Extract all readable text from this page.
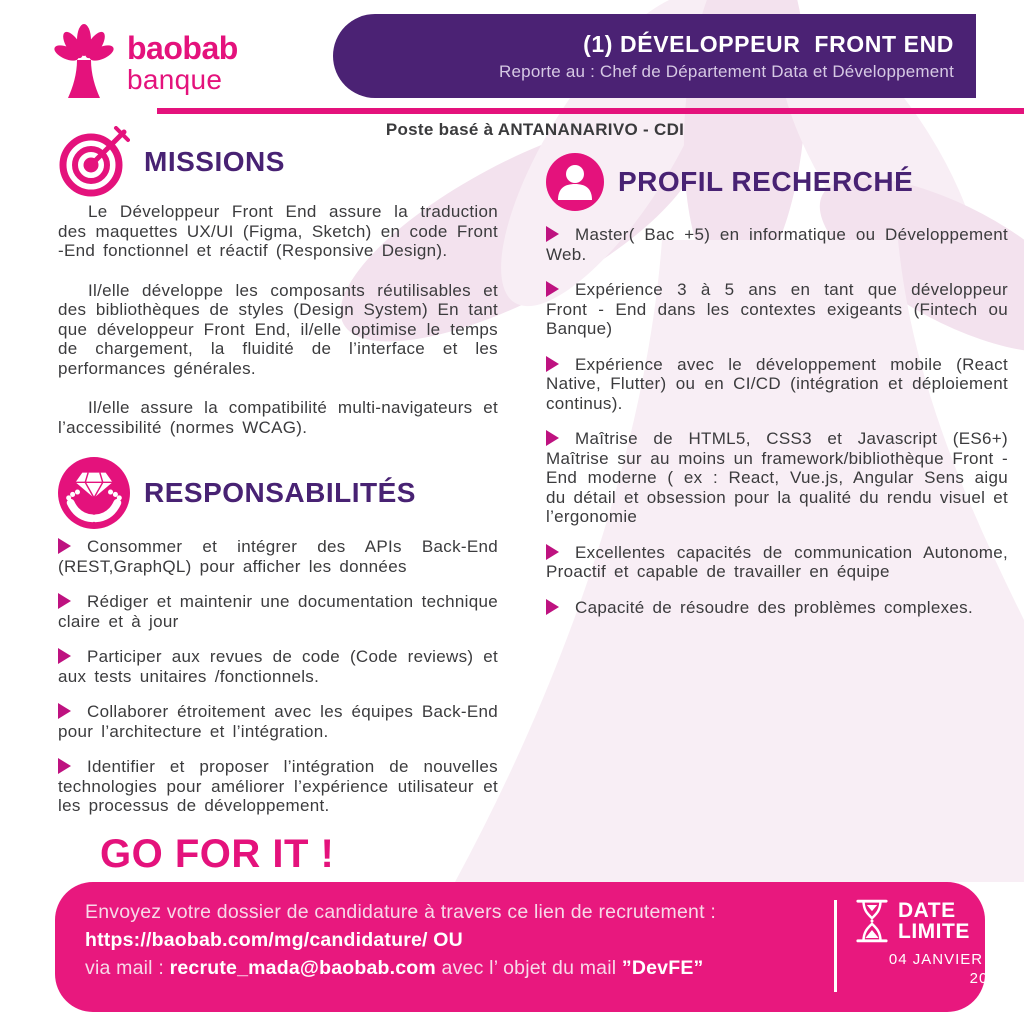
baobab
banque
(1) DÉVELOPPEUR  FRONT END
Reporte au : Chef de Département Data et Développement
Poste basé à ANTANANARIVO - CDI
MISSIONS

Le Développeur Front End assure la traduction des maquettes UX/UI (Figma, Sketch) en code Front -End fonctionnel et réactif (Responsive Design).

Il/elle développe les composants réutilisables et des bibliothèques de styles (Design System) En tant que développeur Front End, il/elle optimise le temps de chargement, la fluidité de l’interface et les performances générales.

Il/elle assure la compatibilité multi-navigateurs et l’accessibilité (normes WCAG).

RESPONSABILITÉS

Consommer et intégrer des APIs Back-End (REST,GraphQL) pour afficher les données

Rédiger et maintenir une documentation technique claire et à jour

Participer aux revues de code (Code reviews) et aux tests unitaires /fonctionnels.

Collaborer étroitement avec les équipes Back-End pour l’architecture et l’intégration.

Identifier et proposer l’intégration de nouvelles technologies pour améliorer l’expérience utilisateur et les processus de développement.

GO FOR IT !
PROFIL RECHERCHÉ

Master( Bac +5) en informatique ou Développement Web.

Expérience 3 à 5 ans en tant que développeur Front - End dans les contextes exigeants (Fintech ou Banque)

Expérience avec le développement mobile (React Native, Flutter) ou en CI/CD (intégration et déploiement continus).

Maîtrise de HTML5, CSS3 et Javascript (ES6+) Maîtrise sur au moins un framework/bibliothèque Front - End moderne ( ex : React, Vue.js, Angular Sens aigu du détail et obsession pour la qualité du rendu visuel et l’ergonomie

Excellentes capacités de communication Autonome, Proactif et capable de travailler en équipe

Capacité de résoudre des problèmes complexes.

Envoyez votre dossier de candidature à travers ce lien de recrutement :
https://baobab.com/mg/candidature/ OU
via mail : recrute_mada@baobab.com avec l’ objet du mail ”DevFE”
DATE
LIMITE
04 JANVIER
2026
